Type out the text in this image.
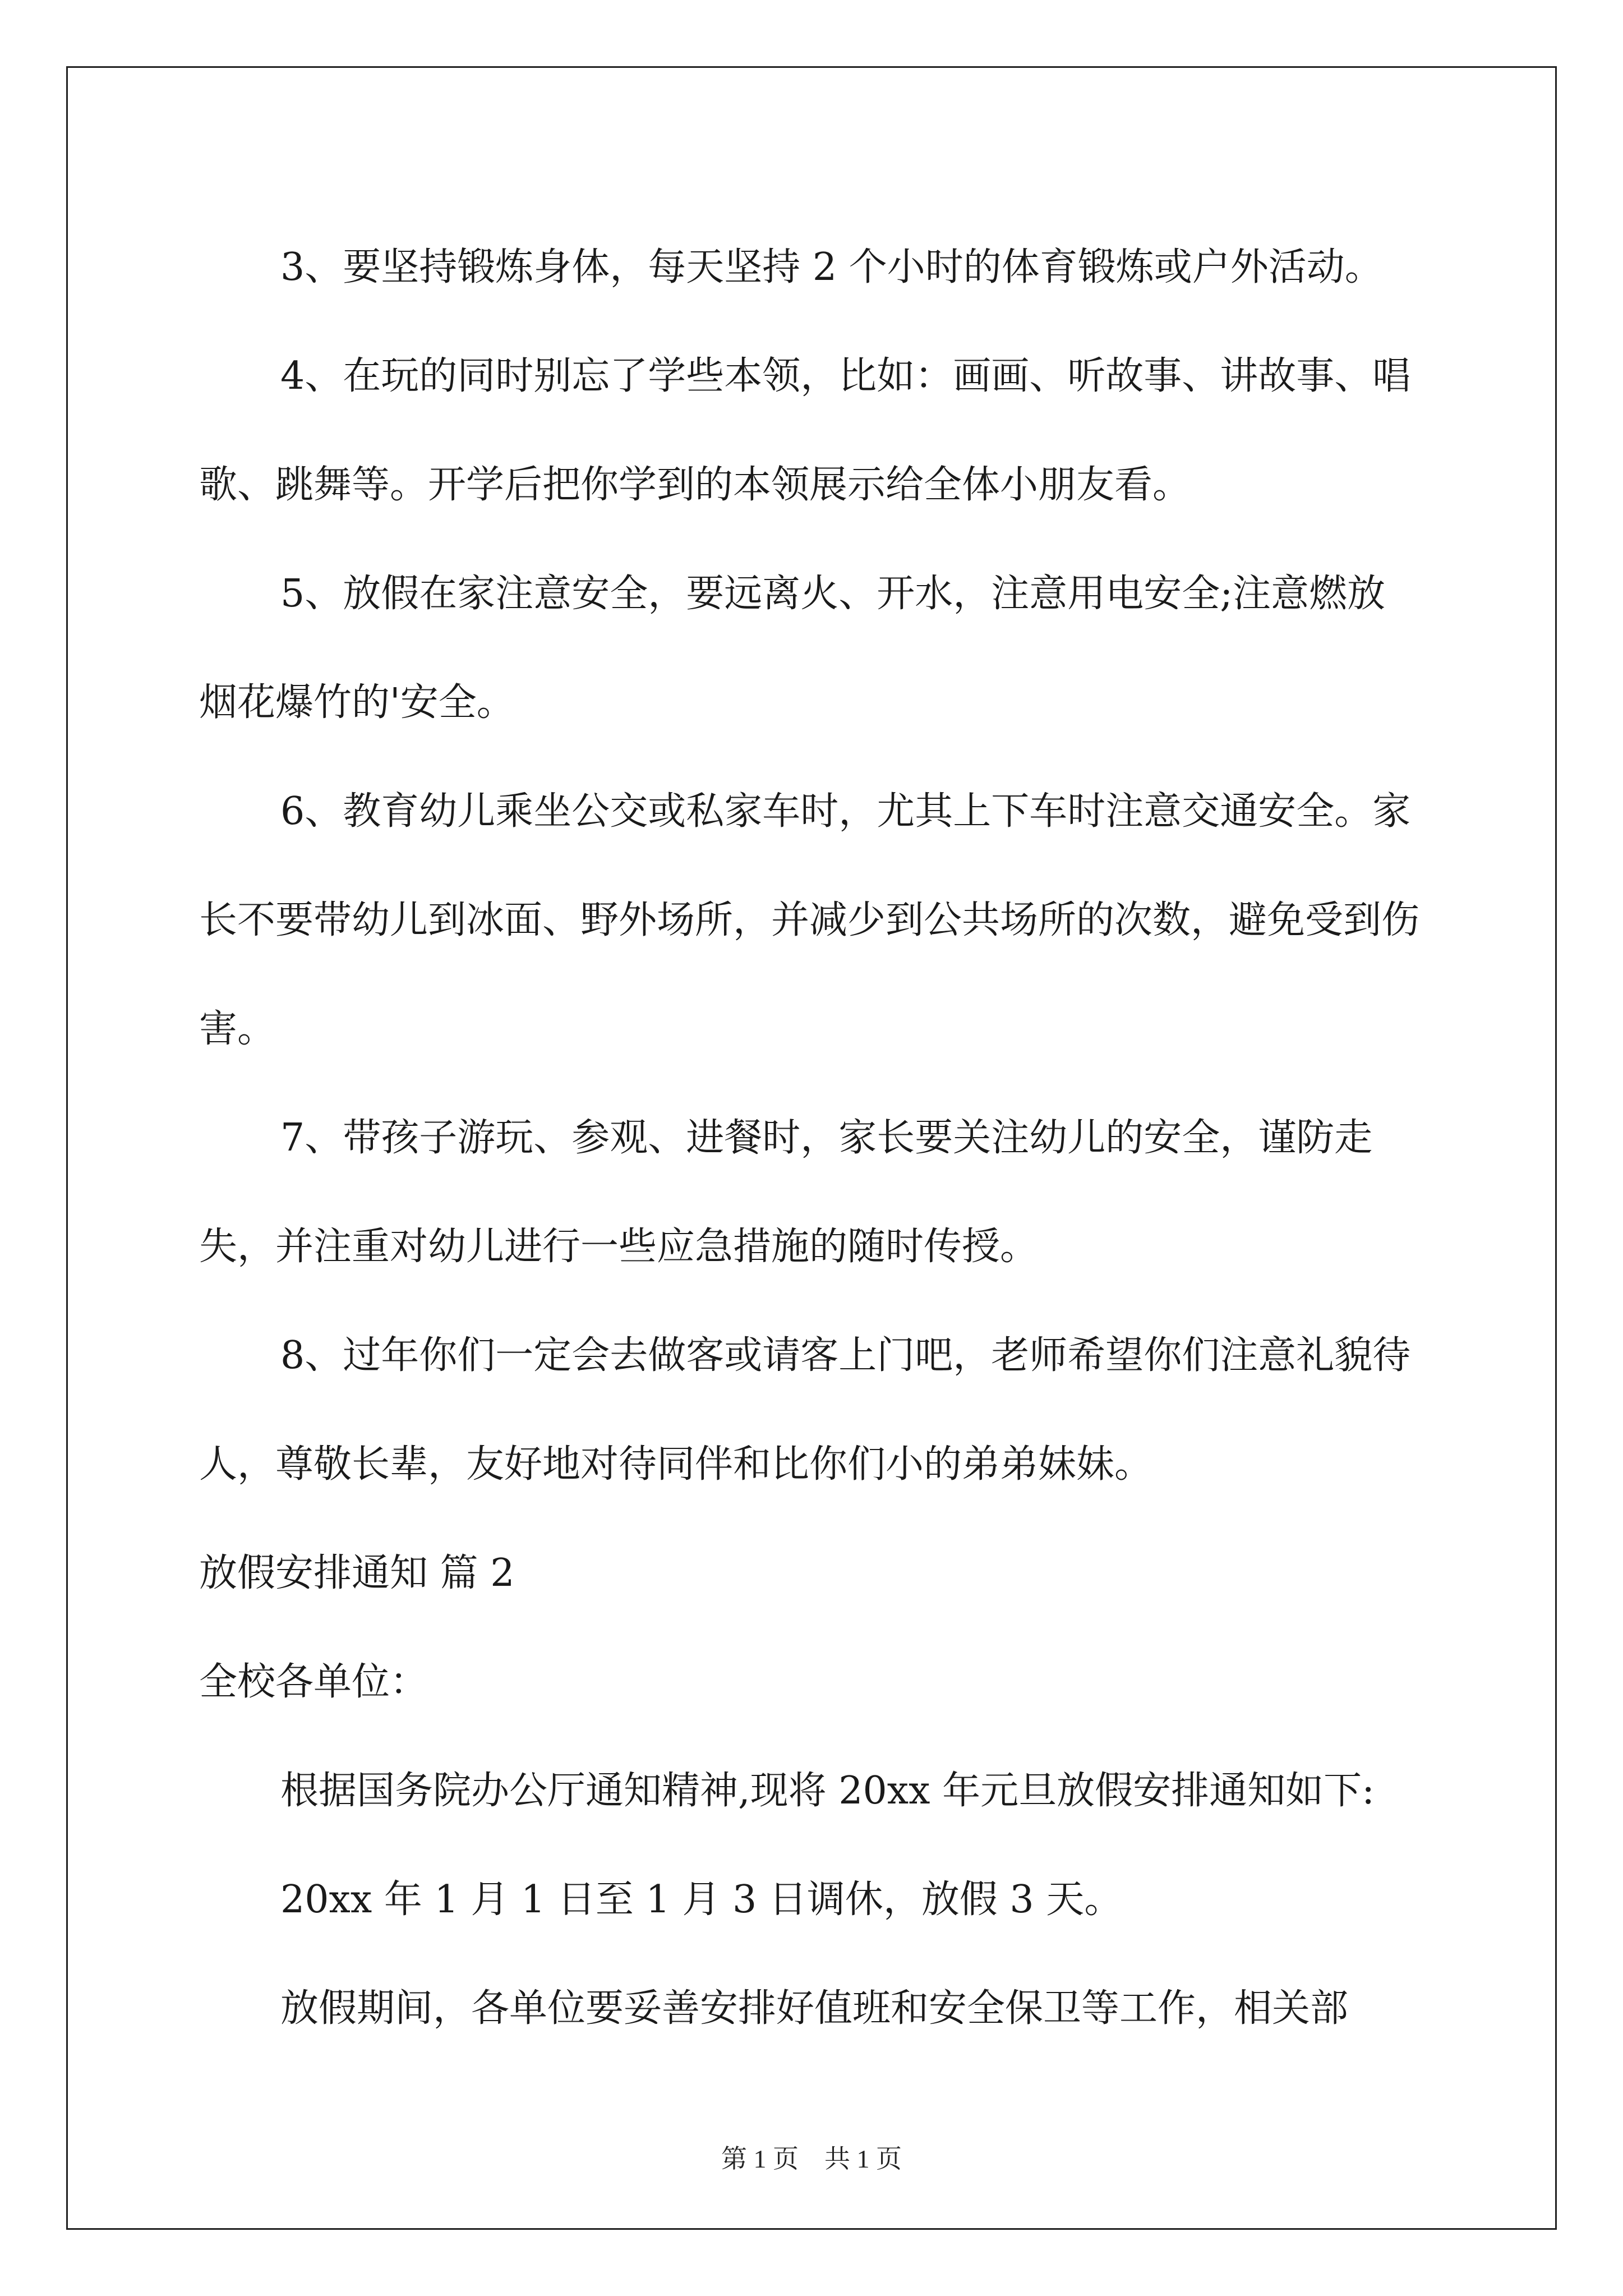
3、要坚持锻炼身体，每天坚持 2 个小时的体育锻炼或户外活动。

4、在玩的同时别忘了学些本领，比如：画画、听故事、讲故事、唱歌、跳舞等。开学后把你学到的本领展示给全体小朋友看。

5、放假在家注意安全，要远离火、开水，注意用电安全;注意燃放烟花爆竹的'安全。

6、教育幼儿乘坐公交或私家车时，尤其上下车时注意交通安全。家长不要带幼儿到冰面、野外场所，并减少到公共场所的次数，避免受到伤害。

7、带孩子游玩、参观、进餐时，家长要关注幼儿的安全，谨防走失，并注重对幼儿进行一些应急措施的随时传授。

8、过年你们一定会去做客或请客上门吧，老师希望你们注意礼貌待人，尊敬长辈，友好地对待同伴和比你们小的弟弟妹妹。

放假安排通知 篇 2

全校各单位：

根据国务院办公厅通知精神,现将 20xx 年元旦放假安排通知如下:

20xx 年 1 月 1 日至 1 月 3 日调休，放假 3 天。

放假期间，各单位要妥善安排好值班和安全保卫等工作，相关部

第 1 页　共 1 页
